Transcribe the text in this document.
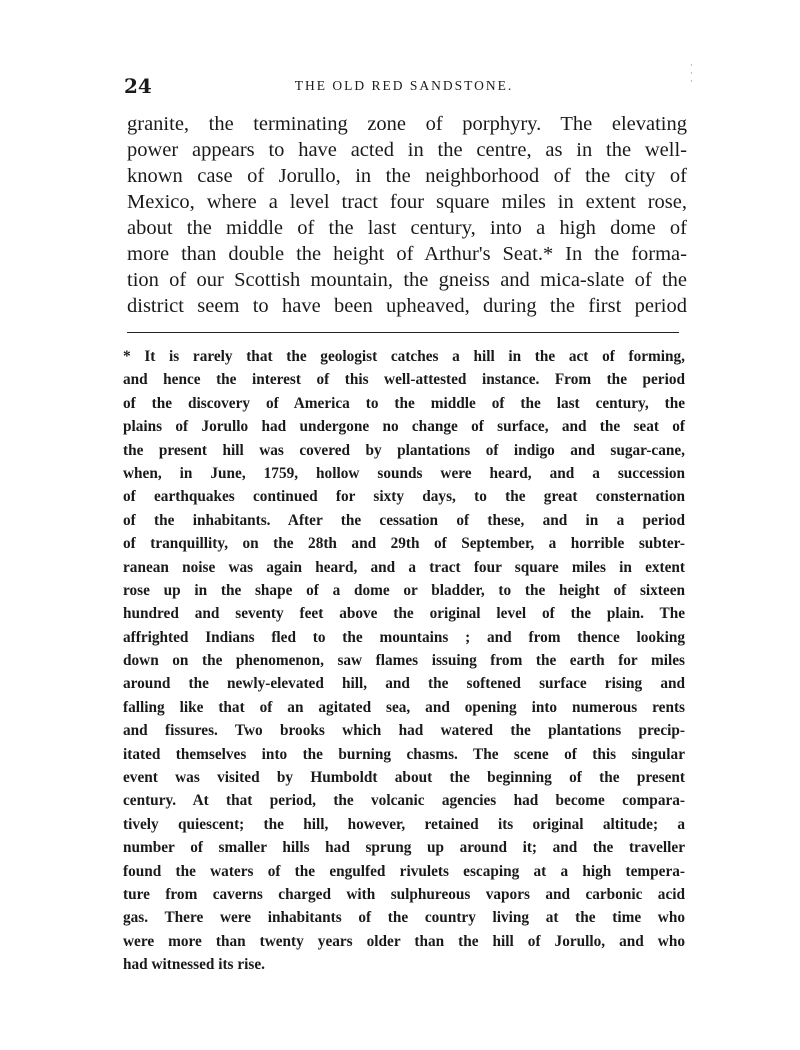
·
·
·
24	THE OLD RED SANDSTONE.
granite, the terminating zone of porphyry. The elevating
power appears to have acted in the centre, as in the well-
known case of Jorullo, in the neighborhood of the city of
Mexico, where a level tract four square miles in extent rose,
about the middle of the last century, into a high dome of
more than double the height of Arthur's Seat.* In the forma-
tion of our Scottish mountain, the gneiss and mica-slate of the
district seem to have been upheaved, during the first period
* It is rarely that the geologist catches a hill in the act of forming,
and hence the interest of this well-attested instance. From the period
of the discovery of America to the middle of the last century, the
plains of Jorullo had undergone no change of surface, and the seat of
the present hill was covered by plantations of indigo and sugar-cane,
when, in June, 1759, hollow sounds were heard, and a succession
of earthquakes continued for sixty days, to the great consternation
of the inhabitants. After the cessation of these, and in a period
of tranquillity, on the 28th and 29th of September, a horrible subter-
ranean noise was again heard, and a tract four square miles in extent
rose up in the shape of a dome or bladder, to the height of sixteen
hundred and seventy feet above the original level of the plain. The
affrighted Indians fled to the mountains ; and from thence looking
down on the phenomenon, saw flames issuing from the earth for miles
around the newly-elevated hill, and the softened surface rising and
falling like that of an agitated sea, and opening into numerous rents
and fissures. Two brooks which had watered the plantations precip-
itated themselves into the burning chasms. The scene of this singular
event was visited by Humboldt about the beginning of the present
century. At that period, the volcanic agencies had become compara-
tively quiescent; the hill, however, retained its original altitude; a
number of smaller hills had sprung up around it; and the traveller
found the waters of the engulfed rivulets escaping at a high tempera-
ture from caverns charged with sulphureous vapors and carbonic acid
gas. There were inhabitants of the country living at the time who
were more than twenty years older than the hill of Jorullo, and who
had witnessed its rise.
